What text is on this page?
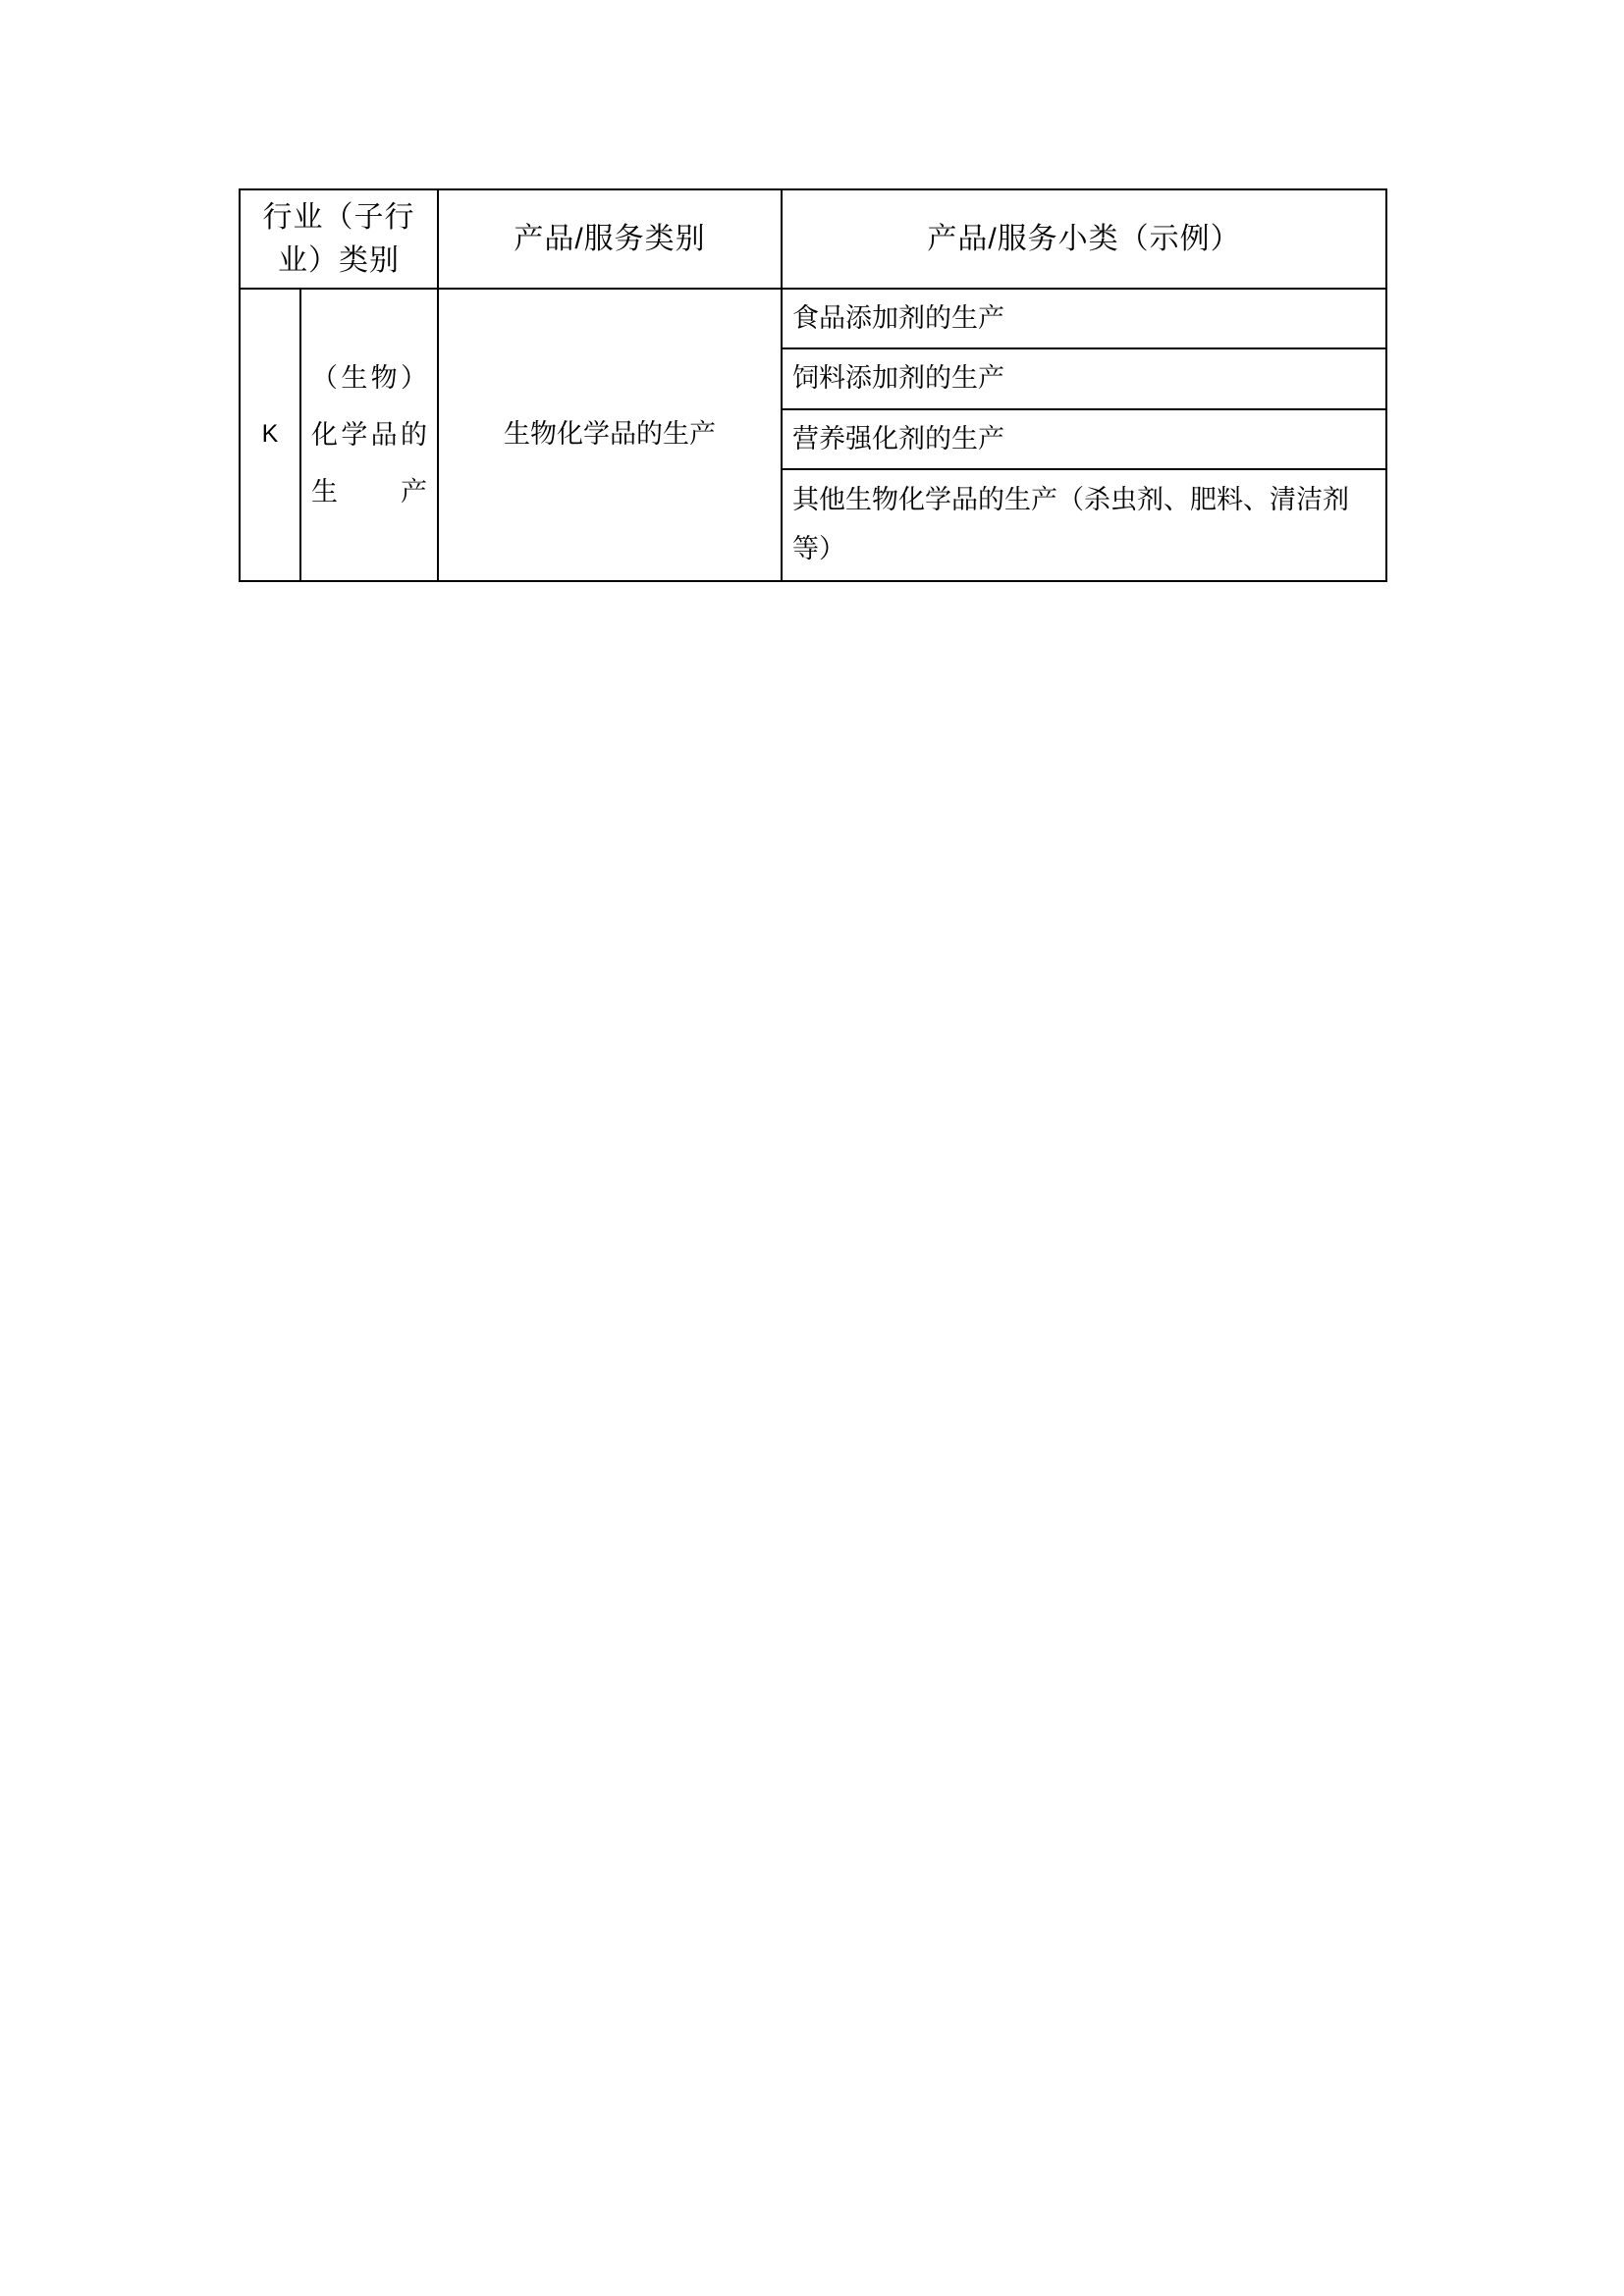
行业（子行业）类别		产品/服务类别	产品/服务小类（示例）
K	（生物）化学品的生产	生物化学品的生产	食品添加剂的生产
			饲料添加剂的生产
			营养强化剂的生产
			其他生物化学品的生产（杀虫剂、肥料、清洁剂等）
